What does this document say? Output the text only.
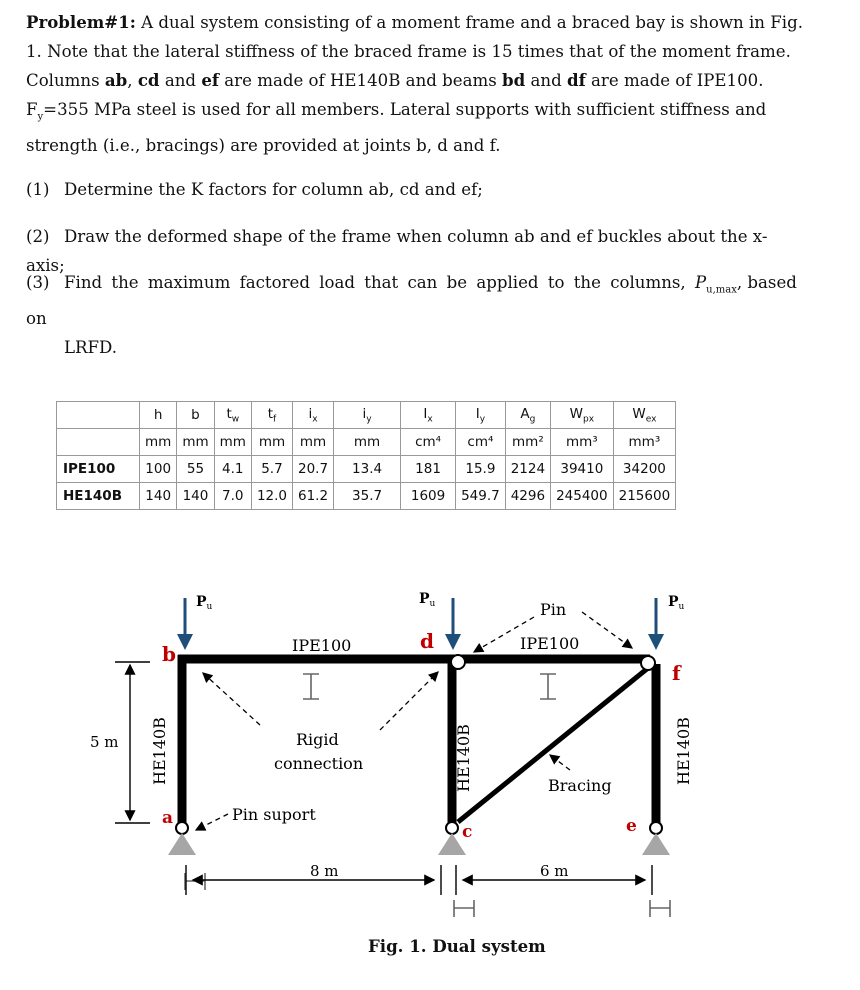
Problem#1: A dual system consisting of a moment frame and a braced bay is shown in Fig. 1. Note that the lateral stiffness of the braced frame is 15 times that of the moment frame. Columns ab, cd and ef are made of HE140B and beams bd and df are made of IPE100. $F_y=355$ MPa steel is used for all members. Lateral supports with sufficient stiffness and strength (i.e., bracings) are provided at joints b, d and f.
(1) Determine the K factors for column ab, cd and ef;
(2) Draw the deformed shape of the frame when column ab and ef buckles about the x-axis;
(3) Find the maximum factored load that can be applied to the columns, $P_{u,max}$, based on
LRFD.
	h	b	$t_w$	$t_f$	$i_x$	$i_y$	$I_x$	$I_y$	$A_g$	$W_{px}$	$W_{ex}$
	mm	mm	mm	mm	mm	mm	cm⁴	cm⁴	mm²	mm³	mm³
IPE100	100	55	4.1	5.7	20.7	13.4	181	15.9	2124	39410	34200
HE140B	140	140	7.0	12.0	61.2	35.7	1609	549.7	4296	245400	215600
$P_u$	$P_u$	$P_u$
b
a
d
c
f
e
IPE100	IPE100
HE140B	HE140B	HE140B
Pin
Rigid
connection
Pin suport
Bracing
5 m
8 m	6 m
Fig. 1. Dual system
